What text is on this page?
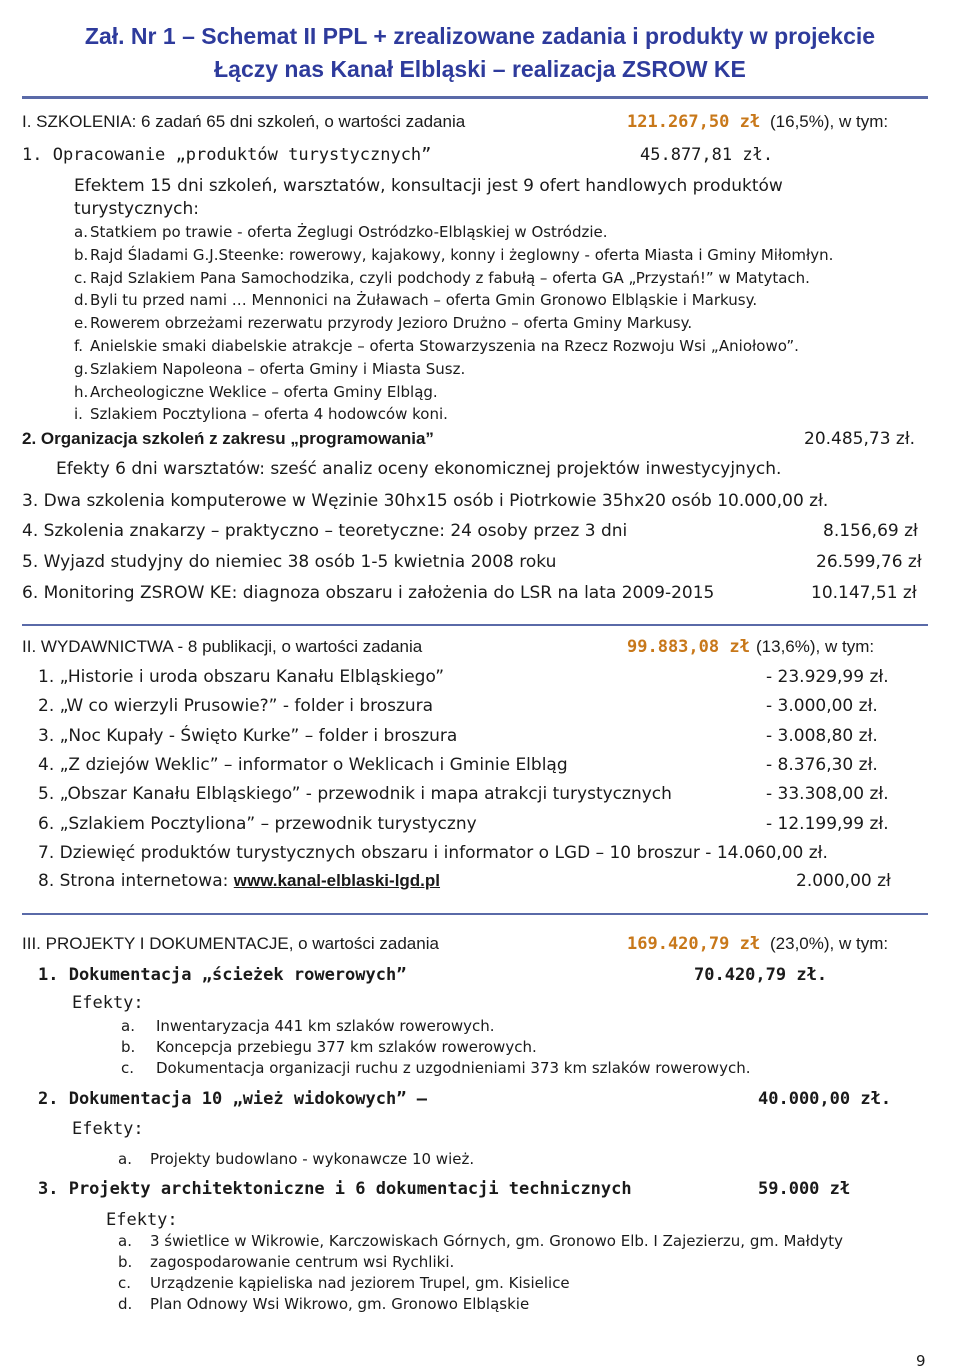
Zał. Nr 1 – Schemat II PPL + zrealizowane zadania i produkty w projekcie
Łączy nas Kanał Elbląski – realizacja ZSROW KE
I. SZKOLENIA: 6 zadań 65 dni szkoleń, o wartości zadania	121.267,50 zł (16,5%), w tym:
1. Opracowanie „produktów turystycznych”	45.877,81 zł.
Efektem 15 dni szkoleń, warsztatów, konsultacji jest 9 ofert handlowych produktów
turystycznych:
a. Statkiem po trawie - oferta Żeglugi Ostródzko-Elbląskiej w Ostródzie.
b. Rajd Śladami G.J.Steenke: rowerowy, kajakowy, konny i żeglowny - oferta Miasta i Gminy Miłomłyn.
c. Rajd Szlakiem Pana Samochodzika, czyli podchody z fabułą – oferta GA „Przystań!” w Matytach.
d. Byli tu przed nami … Mennonici na Żuławach – oferta Gmin Gronowo Elbląskie i Markusy.
e. Rowerem obrzeżami rezerwatu przyrody Jezioro Drużno – oferta Gminy Markusy.
f. Anielskie smaki diabelskie atrakcje – oferta Stowarzyszenia na Rzecz Rozwoju Wsi „Aniołowo”.
g. Szlakiem Napoleona – oferta Gminy i Miasta Susz.
h. Archeologiczne Weklice – oferta Gminy Elbląg.
i. Szlakiem Pocztyliona – oferta 4 hodowców koni.
2. Organizacja szkoleń z zakresu „programowania”	20.485,73 zł.
Efekty 6 dni warsztatów: sześć analiz oceny ekonomicznej projektów inwestycyjnych.
3. Dwa szkolenia komputerowe w Węzinie 30hx15 osób i Piotrkowie 35hx20 osób 10.000,00 zł.
4. Szkolenia znakarzy – praktyczno – teoretyczne: 24 osoby przez 3 dni	8.156,69 zł
5. Wyjazd studyjny do niemiec 38 osób 1-5 kwietnia 2008 roku	26.599,76 zł
6. Monitoring ZSROW KE: diagnoza obszaru i założenia do LSR na lata 2009-2015	10.147,51 zł
II. WYDAWNICTWA - 8 publikacji, o wartości zadania	99.883,08 zł (13,6%), w tym:
1. „Historie i uroda obszaru Kanału Elbląskiego”	- 23.929,99 zł.
2. „W co wierzyli Prusowie?” - folder i broszura	- 3.000,00 zł.
3. „Noc Kupały - Święto Kurke” – folder i broszura	- 3.008,80 zł.
4. „Z dziejów Weklic” – informator o Weklicach i Gminie Elbląg	- 8.376,30 zł.
5. „Obszar Kanału Elbląskiego” - przewodnik i mapa atrakcji turystycznych	- 33.308,00 zł.
6. „Szlakiem Pocztyliona” – przewodnik turystyczny	- 12.199,99 zł.
7. Dziewięć produktów turystycznych obszaru i informator o LGD – 10 broszur - 14.060,00 zł.
8. Strona internetowa: www.kanal-elblaski-lgd.pl	2.000,00 zł
III. PROJEKTY I DOKUMENTACJE, o wartości zadania	169.420,79 zł (23,0%), w tym:
1. Dokumentacja „ścieżek rowerowych”	70.420,79 zł.
Efekty:
a. Inwentaryzacja 441 km szlaków rowerowych.
b. Koncepcja przebiegu 377 km szlaków rowerowych.
c. Dokumentacja organizacji ruchu z uzgodnieniami 373 km szlaków rowerowych.
2. Dokumentacja 10 „wież widokowych” –	40.000,00 zł.
Efekty:
a. Projekty budowlano - wykonawcze 10 wież.
3. Projekty architektoniczne i 6 dokumentacji technicznych	59.000 zł
Efekty:
a. 3 świetlice w Wikrowie, Karczowiskach Górnych, gm. Gronowo Elb. I Zajezierzu, gm. Małdyty
b. zagospodarowanie centrum wsi Rychliki.
c. Urządzenie kąpieliska nad jeziorem Trupel, gm. Kisielice
d. Plan Odnowy Wsi Wikrowo, gm. Gronowo Elbląskie
9
